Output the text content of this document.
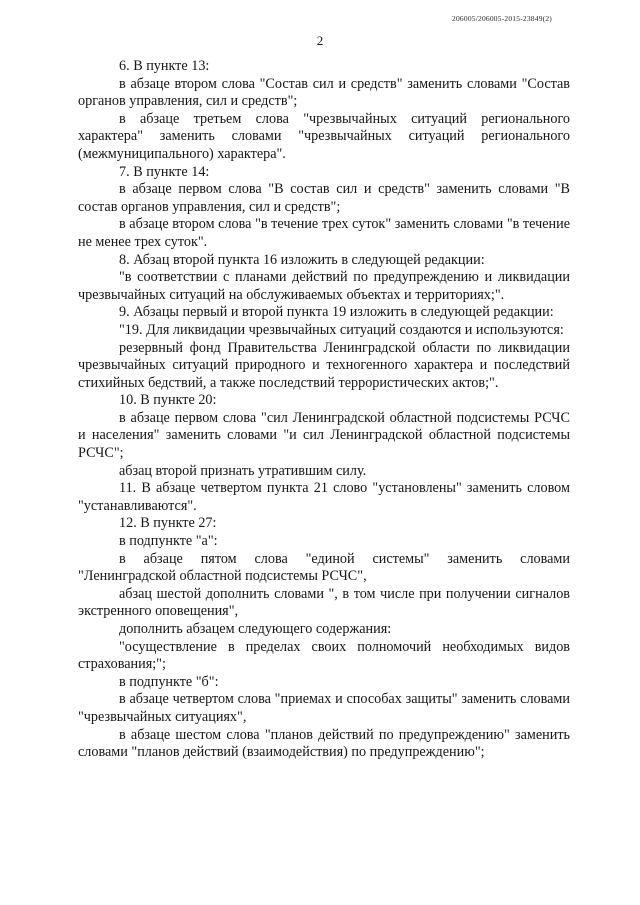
206005/206005-2015-23849(2)
2

6. В пункте 13:

в абзаце втором слова "Состав сил и средств" заменить словами "Состав органов управления, сил и средств";

в абзаце третьем слова "чрезвычайных ситуаций регионального характера" заменить словами "чрезвычайных ситуаций регионального (межмуниципального) характера".

7. В пункте 14:

в абзаце первом слова "В состав сил и средств" заменить словами "В состав органов управления, сил и средств";

в абзаце втором слова "в течение трех суток" заменить словами "в течение не менее трех суток".

8. Абзац второй пункта 16 изложить в следующей редакции:

"в соответствии с планами действий по предупреждению и ликвидации чрезвычайных ситуаций на обслуживаемых объектах и территориях;".

9. Абзацы первый и второй пункта 19 изложить в следующей редакции:

"19. Для ликвидации чрезвычайных ситуаций создаются и используются:

резервный фонд Правительства Ленинградской области по ликвидации чрезвычайных ситуаций природного и техногенного характера и последствий стихийных бедствий, а также последствий террористических актов;".

10. В пункте 20:

в абзаце первом слова "сил Ленинградской областной подсистемы РСЧС и населения" заменить словами "и сил Ленинградской областной подсистемы РСЧС";

абзац второй признать утратившим силу.

11. В абзаце четвертом пункта 21 слово "установлены" заменить словом "устанавливаются".

12. В пункте 27:

в подпункте "а":

в абзаце пятом слова "единой системы" заменить словами "Ленинградской областной подсистемы РСЧС",

абзац шестой дополнить словами ", в том числе при получении сигналов экстренного оповещения",

дополнить абзацем следующего содержания:

"осуществление в пределах своих полномочий необходимых видов страхования;";

в подпункте "б":

в абзаце четвертом слова "приемах и способах защиты" заменить словами "чрезвычайных ситуациях",

в абзаце шестом слова "планов действий по предупреждению" заменить словами "планов действий (взаимодействия) по предупреждению";
